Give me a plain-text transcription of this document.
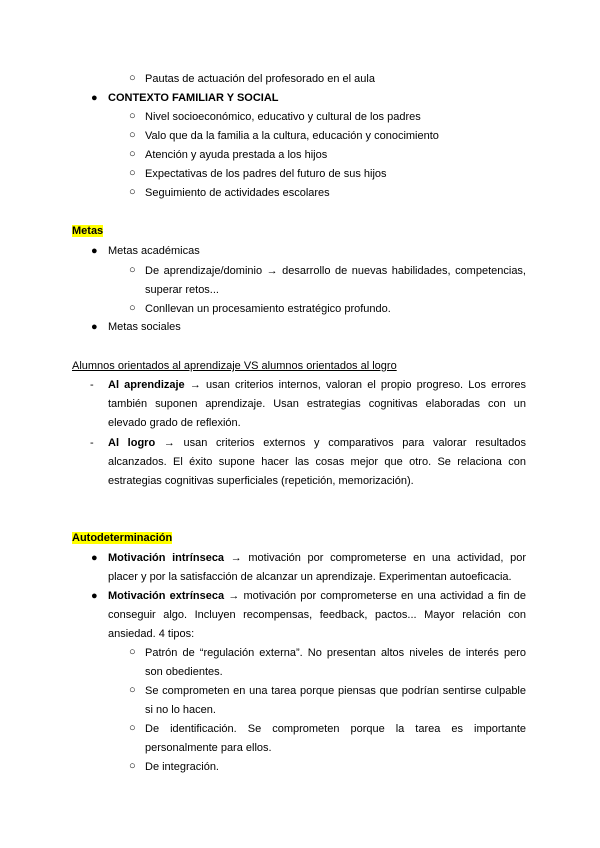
○ Pautas de actuación del profesorado en el aula
● CONTEXTO FAMILIAR Y SOCIAL
○ Nivel socioeconómico, educativo y cultural de los padres
○ Valo que da la familia a la cultura, educación y conocimiento
○ Atención y ayuda prestada a los hijos
○ Expectativas de los padres del futuro de sus hijos
○ Seguimiento de actividades escolares
Metas
● Metas académicas
○ De aprendizaje/dominio → desarrollo de nuevas habilidades, competencias,
superar retos...
○ Conllevan un procesamiento estratégico profundo.
● Metas sociales
Alumnos orientados al aprendizaje VS alumnos orientados al logro
- Al aprendizaje → usan criterios internos, valoran el propio progreso. Los errores
también suponen aprendizaje. Usan estrategias cognitivas elaboradas con un
elevado grado de reflexión.
- Al logro → usan criterios externos y comparativos para valorar resultados
alcanzados. El éxito supone hacer las cosas mejor que otro. Se relaciona con
estrategias cognitivas superficiales (repetición, memorización).
Autodeterminación
● Motivación intrínseca → motivación por comprometerse en una actividad, por
placer y por la satisfacción de alcanzar un aprendizaje. Experimentan autoeficacia.
● Motivación extrínseca → motivación por comprometerse en una actividad a fin de
conseguir algo. Incluyen recompensas, feedback, pactos... Mayor relación con
ansiedad. 4 tipos:
○ Patrón de “regulación externa”. No presentan altos niveles de interés pero
son obedientes.
○ Se comprometen en una tarea porque piensas que podrían sentirse culpable
si no lo hacen.
○ De identificación. Se comprometen porque la tarea es importante
personalmente para ellos.
○ De integración.
